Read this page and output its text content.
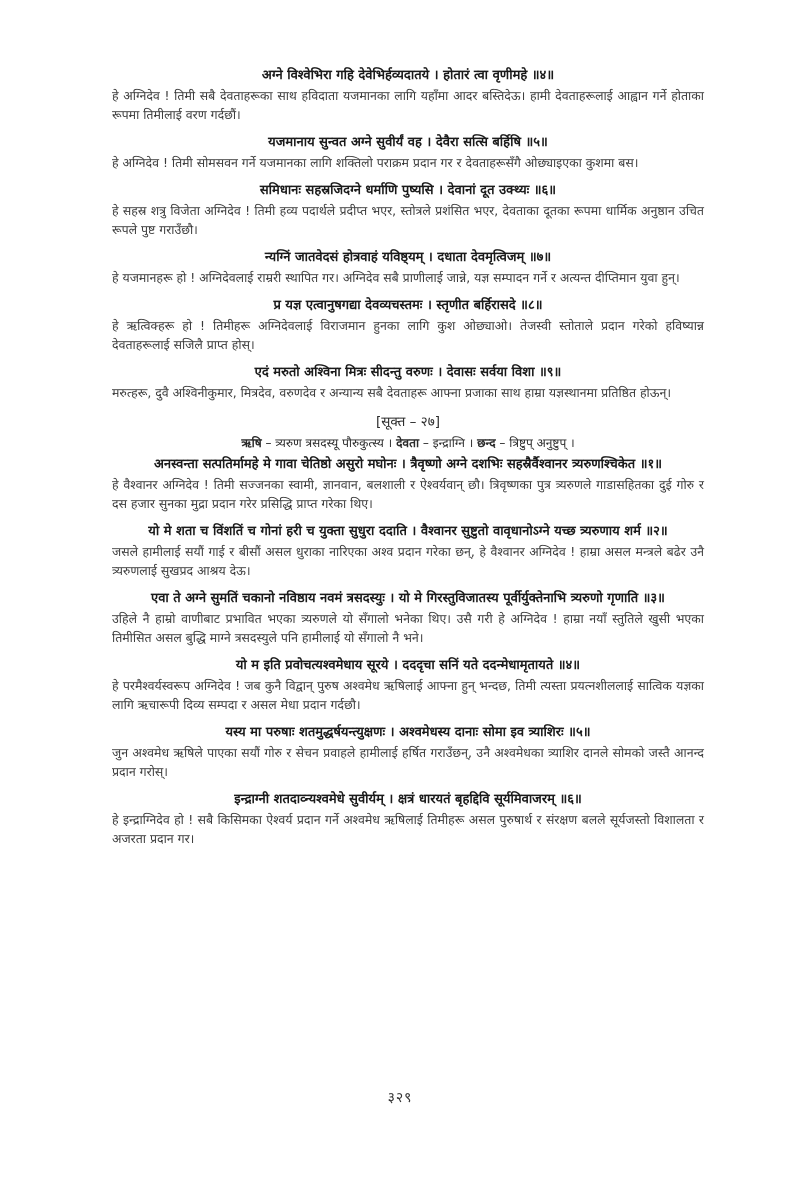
अग्ने विश्वेभिरा गहि देवेभिर्हव्यदातये । होतारं त्वा वृणीमहे ॥४॥
हे अग्निदेव ! तिमी सबै देवताहरूका साथ हविदाता यजमानका लागि यहाँमा आदर बस्तिदेऊ। हामी देवताहरूलाई आह्वान गर्ने होताका रूपमा तिमीलाई वरण गर्दछौं।
यजमानाय सुन्वत अग्ने सुवीर्यं वह । देवैरा सत्सि बर्हिषि ॥५॥
हे अग्निदेव ! तिमी सोमसवन गर्ने यजमानका लागि शक्तिलो पराक्रम प्रदान गर र देवताहरूसँगै ओछ्याइएका कुशमा बस।
समिधानः सहस्रजिदग्ने धर्माणि पुष्यसि । देवानां दूत उक्थ्यः ॥६॥
हे सहस्र शत्रु विजेता अग्निदेव ! तिमी हव्य पदार्थले प्रदीप्त भएर, स्तोत्रले प्रशंसित भएर, देवताका दूतका रूपमा धार्मिक अनुष्ठान उचित रूपले पुष्ट गराउँछौ।
न्यग्निं जातवेदसं होत्रवाहं यविष्ठ्यम् । दधाता देवमृत्विजम् ॥७॥
हे यजमानहरू हो ! अग्निदेवलाई राम्ररी स्थापित गर। अग्निदेव सबै प्राणीलाई जान्ने, यज्ञ सम्पादन गर्ने र अत्यन्त दीप्तिमान युवा हुन्।
प्र यज्ञ एत्वानुषगद्या देवव्यचस्तमः । स्तृणीत बर्हिरासदे ॥८॥
हे ऋत्विक्हरू हो ! तिमीहरू अग्निदेवलाई विराजमान हुनका लागि कुश ओछ्याओ। तेजस्वी स्तोताले प्रदान गरेको हविष्यान्न देवताहरूलाई सजिलै प्राप्त होस्।
एदं मरुतो अश्विना मित्रः सीदन्तु वरुणः । देवासः सर्वया विशा ॥९॥
मरुत्हरू, दुवै अश्विनीकुमार, मित्रदेव, वरुणदेव र अन्यान्य सबै देवताहरू आफ्ना प्रजाका साथ हाम्रा यज्ञस्थानमा प्रतिष्ठित होऊन्।
[सूक्त – २७]
ऋषि – त्र्यरुण त्रसदस्यू पौरुकुत्स्य । देवता – इन्द्राग्नि । छन्द – त्रिष्टुप् अनुष्टुप् ।
अनस्वन्ता सत्पतिर्मामहे मे गावा चेतिष्ठो असुरो मघोनः । त्रैवृष्णो अग्ने दशभिः सहस्रैर्वैश्वानर त्र्यरुणश्चिकेत ॥१॥
हे वैश्वानर अग्निदेव ! तिमी सज्जनका स्वामी, ज्ञानवान, बलशाली र ऐश्वर्यवान् छौ। त्रिवृष्णका पुत्र त्र्यरुणले गाडासहितका दुई गोरु र दस हजार सुनका मुद्रा प्रदान गरेर प्रसिद्धि प्राप्त गरेका थिए।
यो मे शता च विंशतिं च गोनां हरी च युक्ता सुधुरा ददाति । वैश्वानर सुष्टुतो वावृधानोऽग्ने यच्छ त्र्यरुणाय शर्म ॥२॥
जसले हामीलाई सयौं गाई र बीसौं असल धुराका नारिएका अश्व प्रदान गरेका छन्, हे वैश्वानर अग्निदेव ! हाम्रा असल मन्त्रले बढेर उनै त्र्यरुणलाई सुखप्रद आश्रय देऊ।
एवा ते अग्ने सुमतिं चकानो नविष्ठाय नवमं त्रसदस्युः । यो मे गिरस्तुविजातस्य पूर्वीर्युक्तेनाभि त्र्यरुणो गृणाति ॥३॥
उहिले नै हाम्रो वाणीबाट प्रभावित भएका त्र्यरुणले यो सँगालो भनेका थिए। उसै गरी हे अग्निदेव ! हाम्रा नयाँ स्तुतिले खुसी भएका तिमीसित असल बुद्धि माग्ने त्रसदस्युले पनि हामीलाई यो सँगालो नै भने।
यो म इति प्रवोचत्यश्वमेधाय सूरये । दददृचा सनिं यते ददन्मेधामृतायते ॥४॥
हे परमैश्वर्यस्वरूप अग्निदेव ! जब कुनै विद्वान् पुरुष अश्वमेध ऋषिलाई आफ्ना हुन् भन्दछ, तिमी त्यस्ता प्रयत्नशीललाई सात्विक यज्ञका लागि ऋचारूपी दिव्य सम्पदा र असल मेधा प्रदान गर्दछौ।
यस्य मा परुषाः शतमुद्धर्षयन्त्युक्षणः । अश्वमेधस्य दानाः सोमा इव त्र्याशिरः ॥५॥
जुन अश्वमेध ऋषिले पाएका सयौं गोरु र सेचन प्रवाहले हामीलाई हर्षित गराउँछन्, उनै अश्वमेधका त्र्याशिर दानले सोमको जस्तै आनन्द प्रदान गरोस्।
इन्द्राग्नी शतदाव्न्यश्वमेधे सुवीर्यम् । क्षत्रं धारयतं बृहद्दिवि सूर्यमिवाजरम् ॥६॥
हे इन्द्राग्निदेव हो ! सबै किसिमका ऐश्वर्य प्रदान गर्ने अश्वमेध ऋषिलाई तिमीहरू असल पुरुषार्थ र संरक्षण बलले सूर्यजस्तो विशालता र अजरता प्रदान गर।
३२९
